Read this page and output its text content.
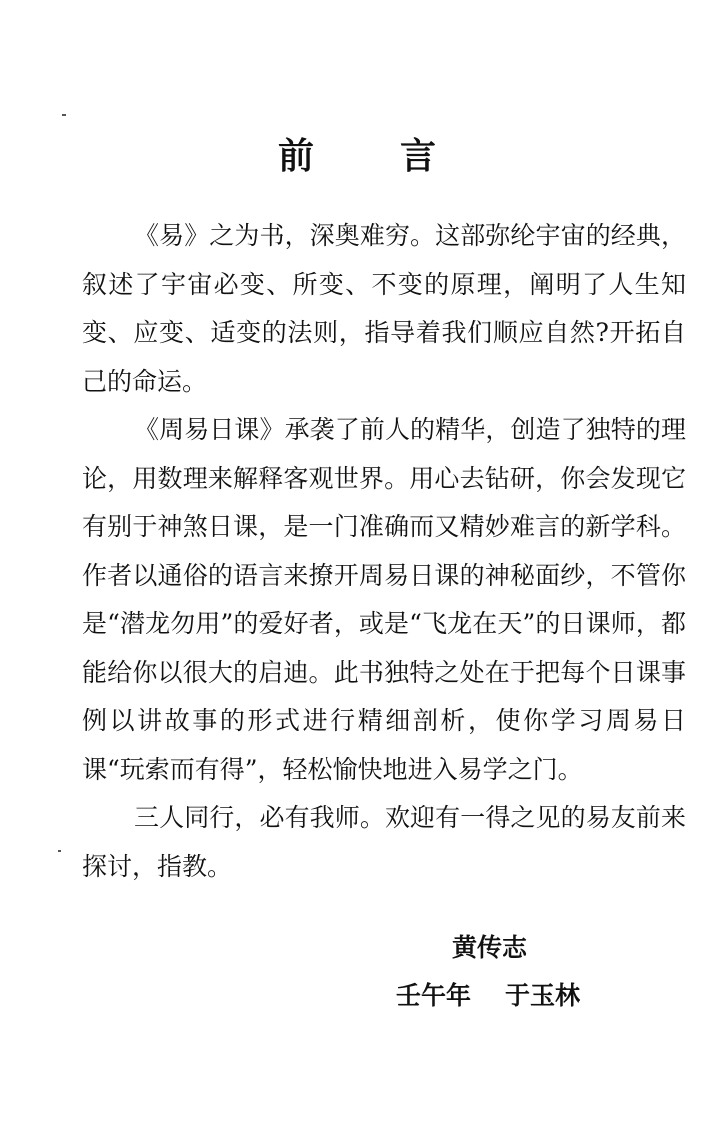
前 言

《易》之为书，深奥难穷。这部弥纶宇宙的经典，叙述了宇宙必变、所变、不变的原理，阐明了人生知变、应变、适变的法则，指导着我们顺应自然?开拓自己的命运。

《周易日课》承袭了前人的精华，创造了独特的理论，用数理来解释客观世界。用心去钻研，你会发现它有别于神煞日课，是一门准确而又精妙难言的新学科。作者以通俗的语言来撩开周易日课的神秘面纱，不管你是“潜龙勿用”的爱好者，或是“飞龙在天”的日课师，都能给你以很大的启迪。此书独特之处在于把每个日课事例以讲故事的形式进行精细剖析，使你学习周易日课“玩索而有得”，轻松愉快地进入易学之门。

三人同行，必有我师。欢迎有一得之见的易友前来探讨，指教。

黄传志
壬午年 于玉林
